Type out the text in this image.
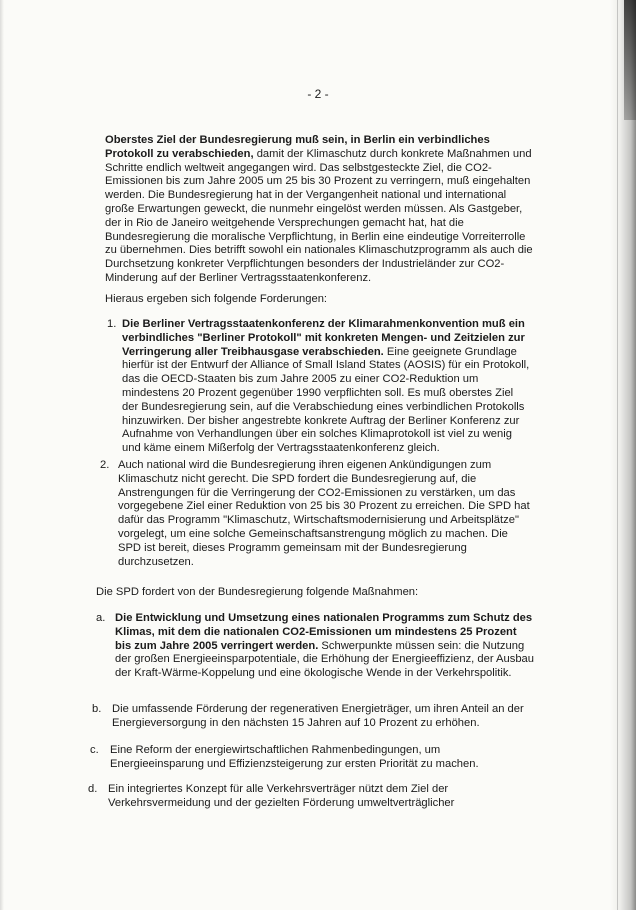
- 2 -

Oberstes Ziel der Bundesregierung muß sein, in Berlin ein verbindliches Protokoll zu verabschieden, damit der Klimaschutz durch konkrete Maßnahmen und Schritte endlich weltweit angegangen wird. Das selbstgesteckte Ziel, die CO2-Emissionen bis zum Jahre 2005 um 25 bis 30 Prozent zu verringern, muß eingehalten werden. Die Bundesregierung hat in der Vergangenheit national und international große Erwartungen geweckt, die nunmehr eingelöst werden müssen. Als Gastgeber, der in Rio de Janeiro weitgehende Versprechungen gemacht hat, hat die Bundesregierung die moralische Verpflichtung, in Berlin eine eindeutige Vorreiterrolle zu übernehmen. Dies betrifft sowohl ein nationales Klimaschutzprogramm als auch die Durchsetzung konkreter Verpflichtungen besonders der Industrieländer zur CO2-Minderung auf der Berliner Vertragsstaatenkonferenz.

Hieraus ergeben sich folgende Forderungen:

1. Die Berliner Vertragsstaatenkonferenz der Klimarahmenkonvention muß ein verbindliches "Berliner Protokoll" mit konkreten Mengen- und Zeitzielen zur Verringerung aller Treibhausgase verabschieden. Eine geeignete Grundlage hierfür ist der Entwurf der Alliance of Small Island States (AOSIS) für ein Protokoll, das die OECD-Staaten bis zum Jahre 2005 zu einer CO2-Reduktion um mindestens 20 Prozent gegenüber 1990 verpflichten soll. Es muß oberstes Ziel der Bundesregierung sein, auf die Verabschiedung eines verbindlichen Protokolls hinzuwirken. Der bisher angestrebte konkrete Auftrag der Berliner Konferenz zur Aufnahme von Verhandlungen über ein solches Klimaprotokoll ist viel zu wenig und käme einem Mißerfolg der Vertragsstaatenkonferenz gleich.

2. Auch national wird die Bundesregierung ihren eigenen Ankündigungen zum Klimaschutz nicht gerecht. Die SPD fordert die Bundesregierung auf, die Anstrengungen für die Verringerung der CO2-Emissionen zu verstärken, um das vorgegebene Ziel einer Reduktion von 25 bis 30 Prozent zu erreichen. Die SPD hat dafür das Programm "Klimaschutz, Wirtschaftsmodernisierung und Arbeitsplätze" vorgelegt, um eine solche Gemeinschaftsanstrengung möglich zu machen. Die SPD ist bereit, dieses Programm gemeinsam mit der Bundesregierung durchzusetzen.

Die SPD fordert von der Bundesregierung folgende Maßnahmen:

a. Die Entwicklung und Umsetzung eines nationalen Programms zum Schutz des Klimas, mit dem die nationalen CO2-Emissionen um mindestens 25 Prozent bis zum Jahre 2005 verringert werden. Schwerpunkte müssen sein: die Nutzung der großen Energieeinsparpotentiale, die Erhöhung der Energieeffizienz, der Ausbau der Kraft-Wärme-Koppelung und eine ökologische Wende in der Verkehrspolitik.

b. Die umfassende Förderung der regenerativen Energieträger, um ihren Anteil an der Energieversorgung in den nächsten 15 Jahren auf 10 Prozent zu erhöhen.

c. Eine Reform der energiewirtschaftlichen Rahmenbedingungen, um Energieeinsparung und Effizienzsteigerung zur ersten Priorität zu machen.

d. Ein integriertes Konzept für alle Verkehrsverträger nützt dem Ziel der Verkehrsvermeidung und der gezielten Förderung umweltverträglicher
